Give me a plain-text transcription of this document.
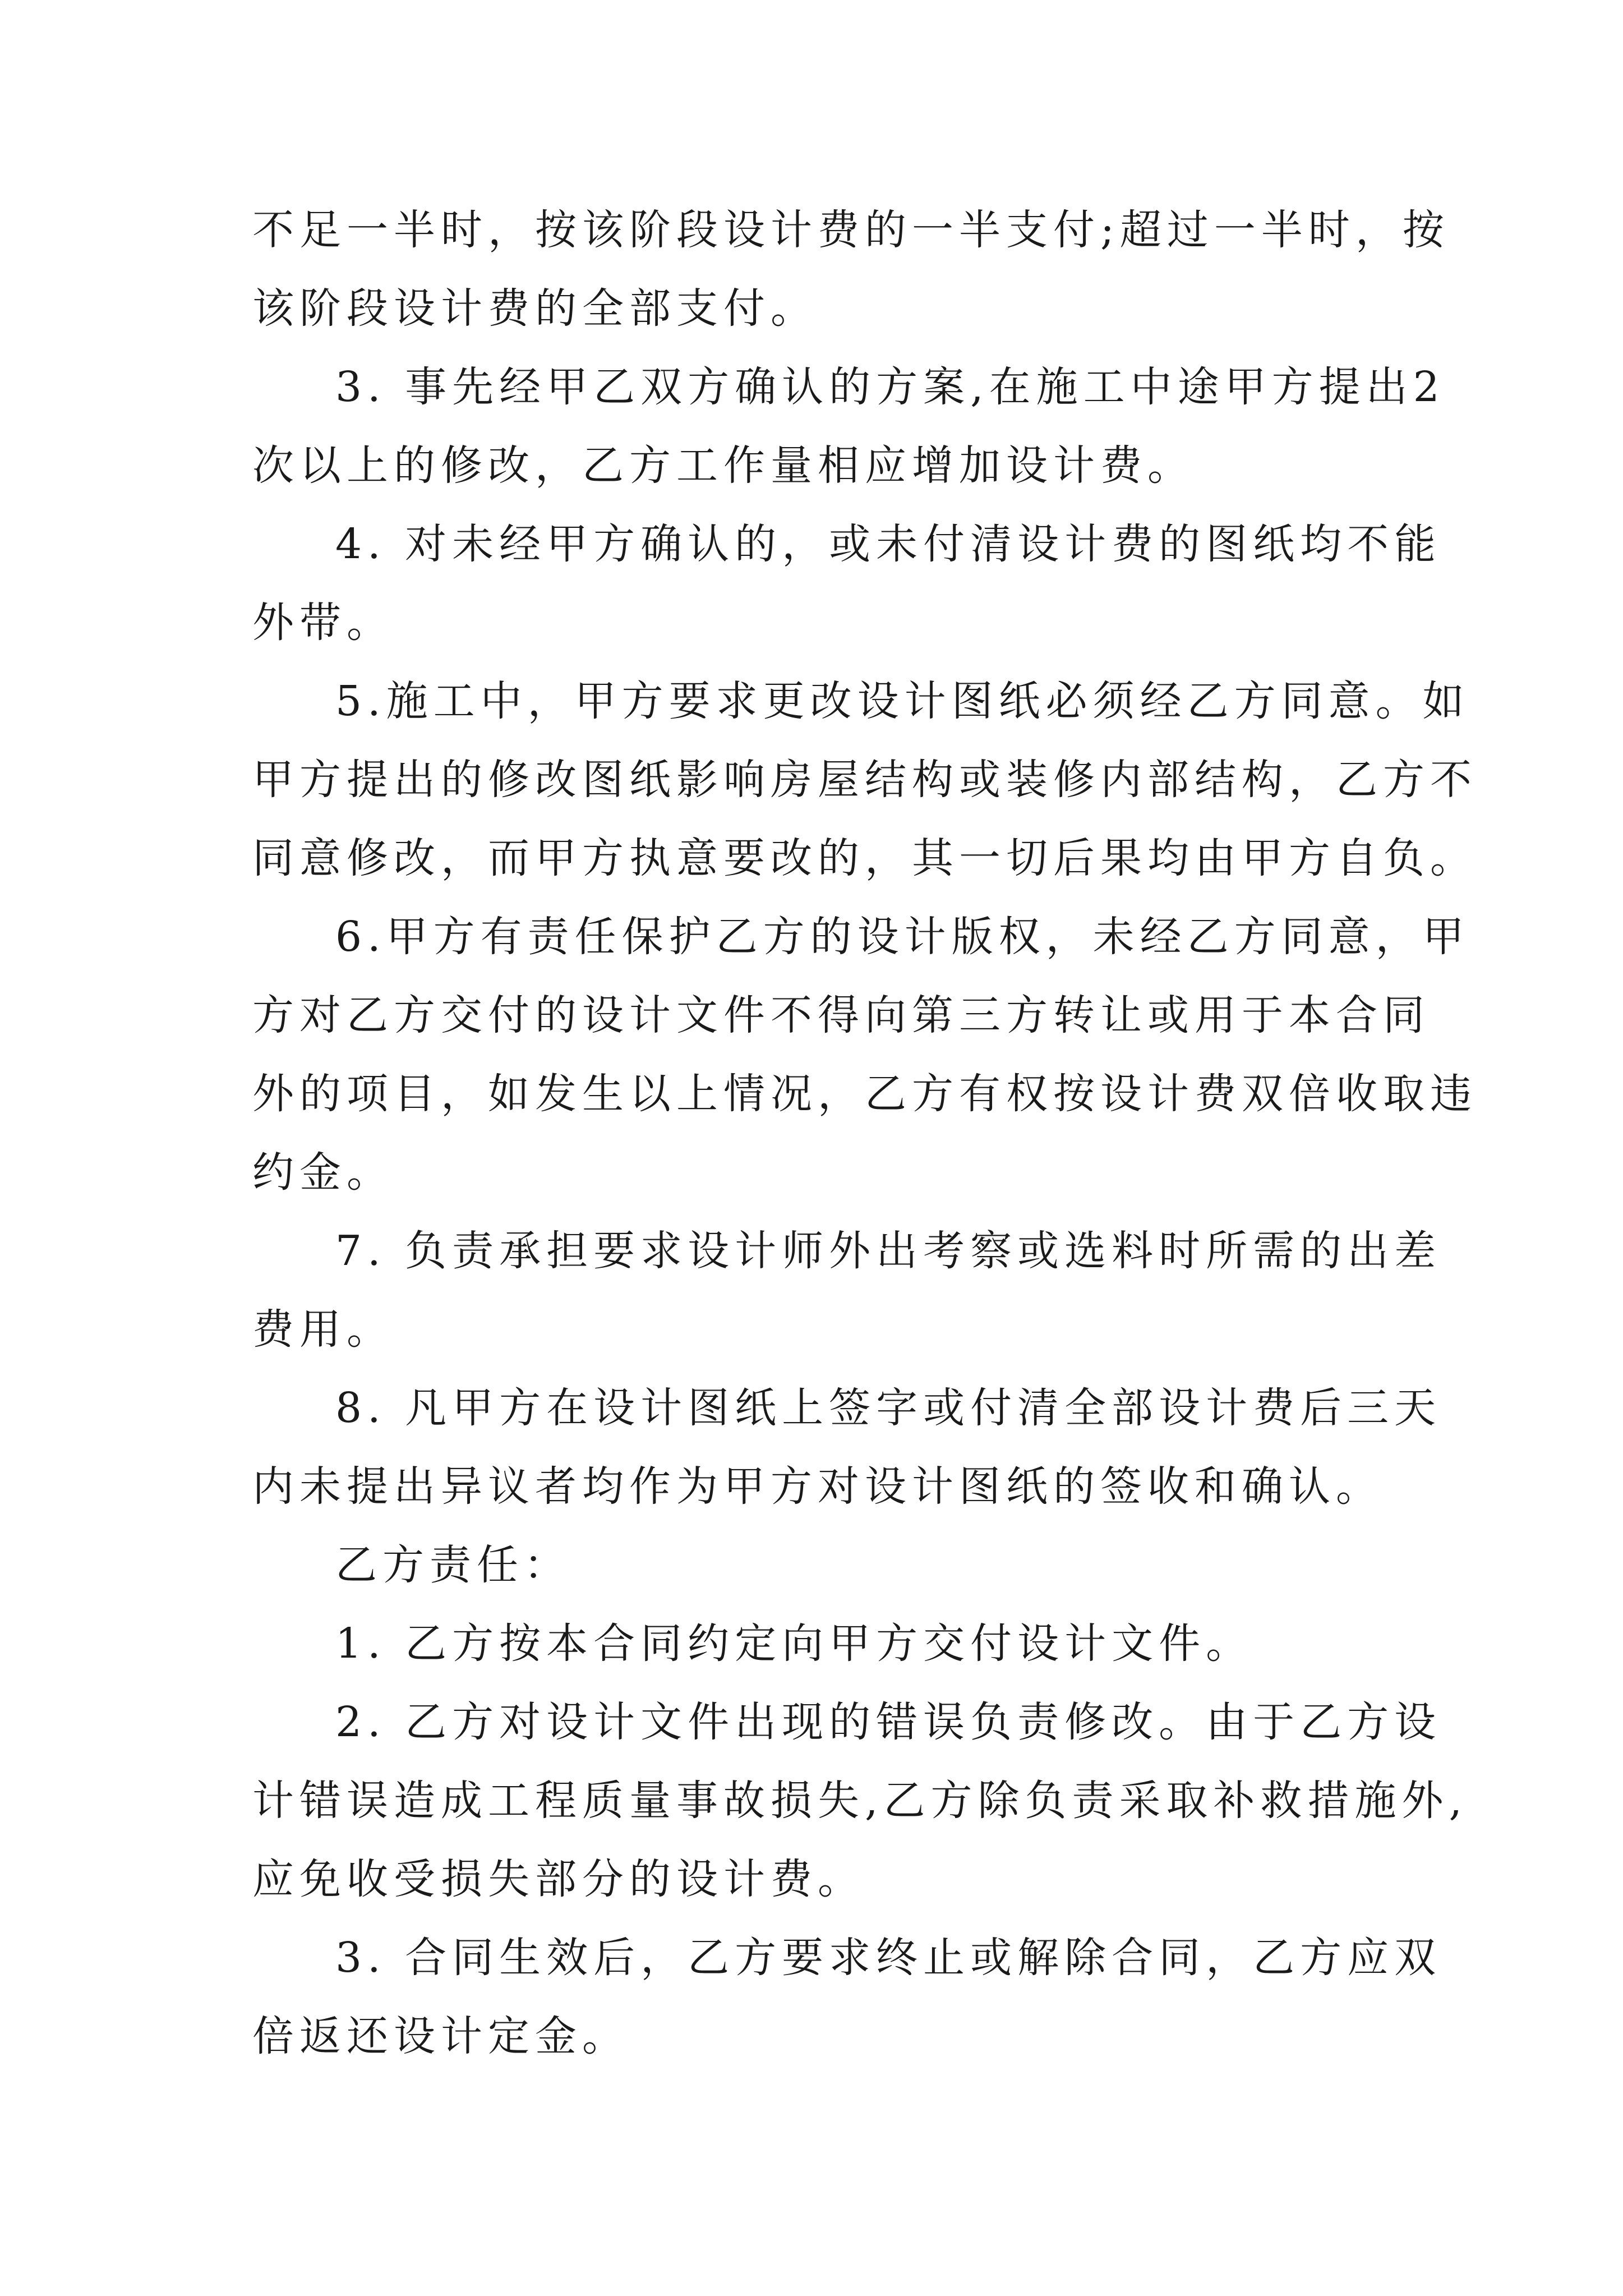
不足一半时，按该阶段设计费的一半支付;超过一半时，按
该阶段设计费的全部支付。
3. 事先经甲乙双方确认的方案,在施工中途甲方提出2
次以上的修改，乙方工作量相应增加设计费。
4. 对未经甲方确认的，或未付清设计费的图纸均不能
外带。
5.施工中，甲方要求更改设计图纸必须经乙方同意。如
甲方提出的修改图纸影响房屋结构或装修内部结构，乙方不
同意修改，而甲方执意要改的，其一切后果均由甲方自负。
6.甲方有责任保护乙方的设计版权，未经乙方同意，甲
方对乙方交付的设计文件不得向第三方转让或用于本合同
外的项目，如发生以上情况，乙方有权按设计费双倍收取违
约金。
7. 负责承担要求设计师外出考察或选料时所需的出差
费用。
8. 凡甲方在设计图纸上签字或付清全部设计费后三天
内未提出异议者均作为甲方对设计图纸的签收和确认。
乙方责任：
1. 乙方按本合同约定向甲方交付设计文件。
2. 乙方对设计文件出现的错误负责修改。由于乙方设
计错误造成工程质量事故损失,乙方除负责采取补救措施外,
应免收受损失部分的设计费。
3. 合同生效后，乙方要求终止或解除合同，乙方应双
倍返还设计定金。
